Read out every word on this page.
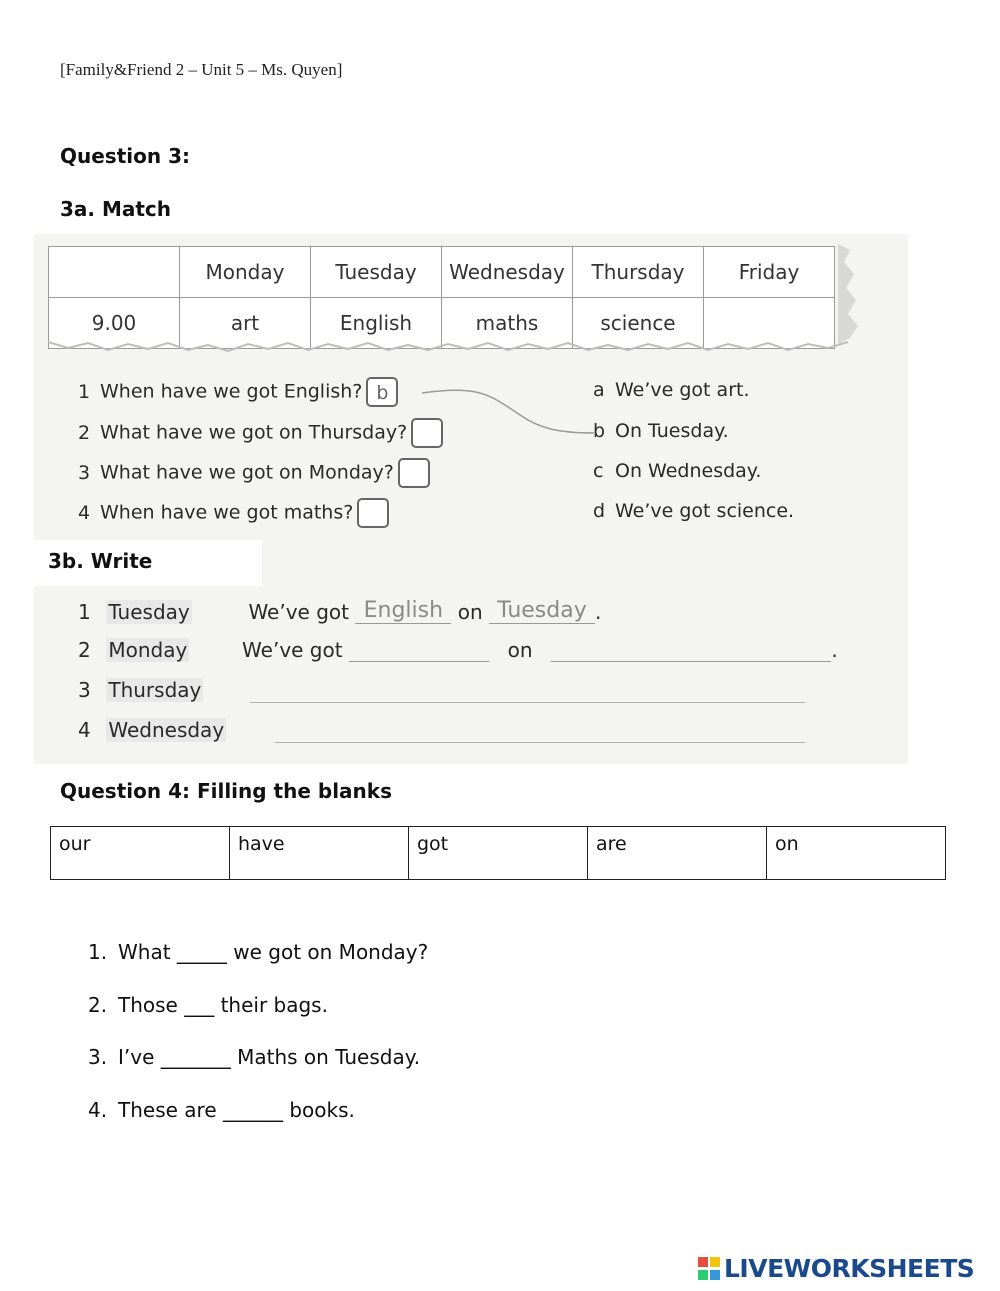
[Family&Friend 2 – Unit 5 – Ms. Quyen]
Question 3:
3a. Match
	Monday	Tuesday	Wednesday	Thursday	Friday
9.00	art	English	maths	science	
1 When have we got English? b
2 What have we got on Thursday?
3 What have we got on Monday?
4 When have we got maths?
a We’ve got art.
b On Tuesday.
c On Wednesday.
d We’ve got science.
3b. Write
1 Tuesday	We’ve got English on Tuesday .
2 Monday	We’ve got	on	.
3 Thursday
4 Wednesday
Question 4: Filling the blanks
our	have	got	are	on
1. What _____ we got on Monday?
2. Those ___ their bags.
3. I’ve _______ Maths on Tuesday.
4. These are ______ books.
LIVEWORKSHEETS
